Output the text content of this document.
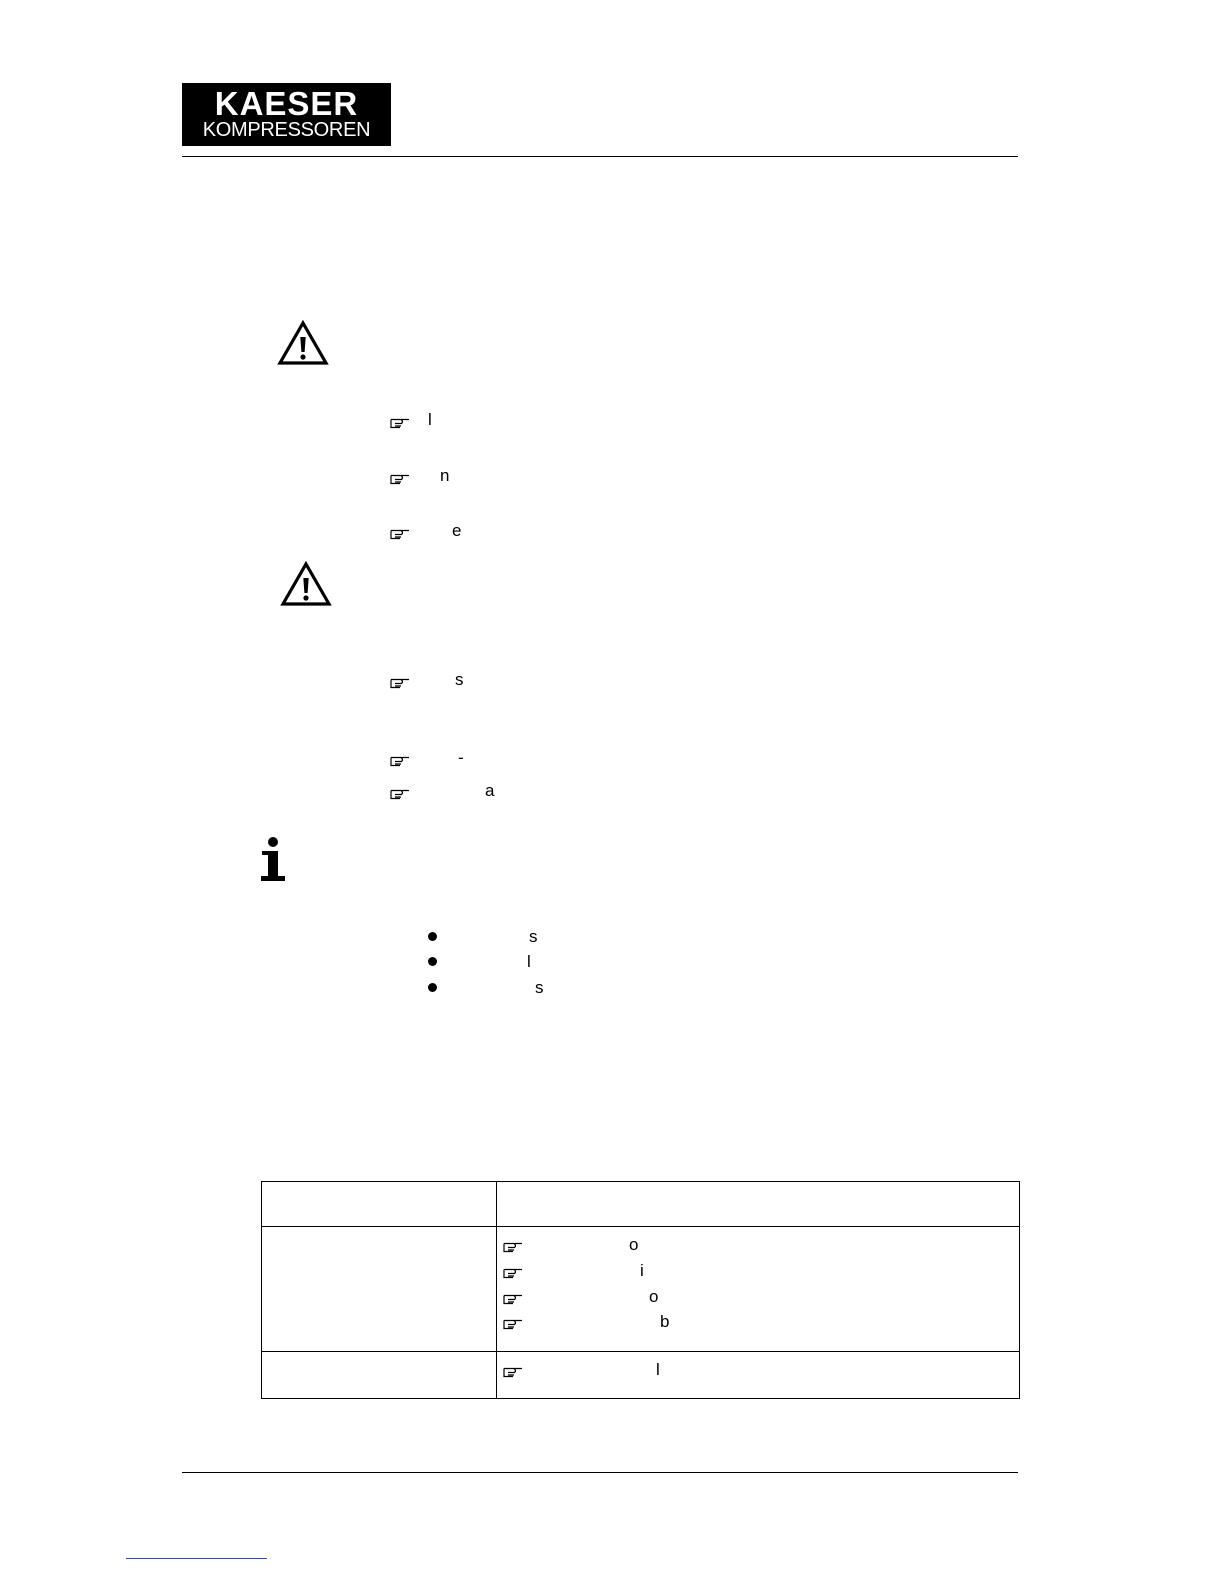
KAESER
KOMPRESSOREN
l
n
e
s
-
a
s
l
s

	o
i
o
b

	l
